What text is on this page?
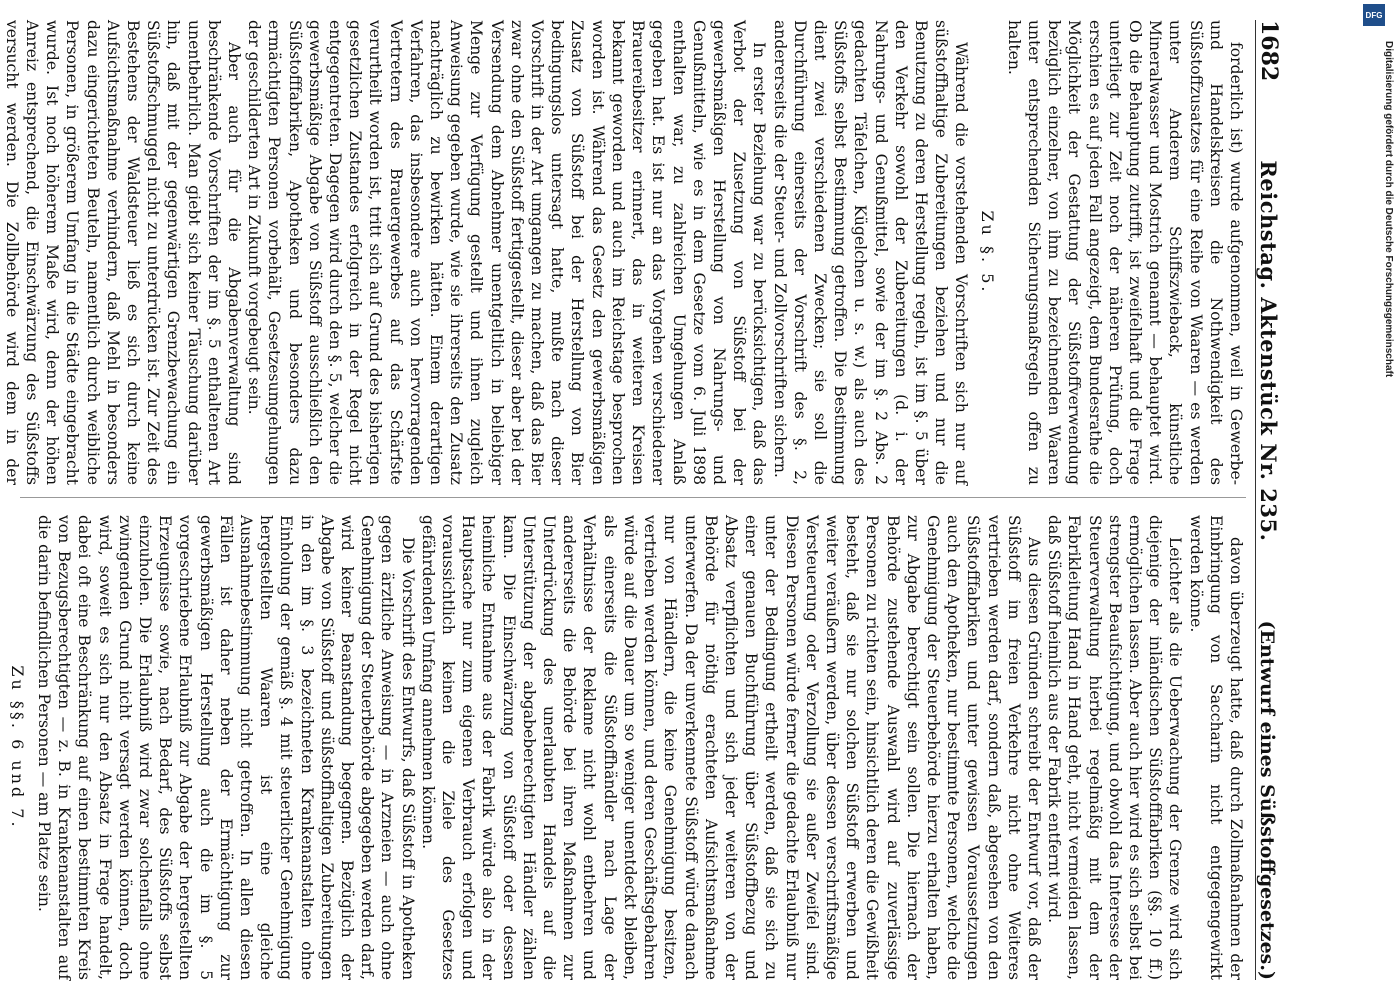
1682
Reichstag. Aktenstück Nr. 235.
(Entwurf eines Süßstoffgesetzes.)

forderlich ist) wurde aufgenommen, weil in Gewerbe- und Handelskreisen die Nothwendigkeit des Süßstoffzusatzes für eine Reihe von Waaren — es werden unter Anderem Schiffszwieback, künstliche Mineralwasser und Mostrich genannt — behauptet wird. Ob die Behauptung zutrifft, ist zweifelhaft und die Frage unterliegt zur Zeit noch der näheren Prüfung, doch erschien es auf jeden Fall angezeigt, dem Bundesrathe die Möglichkeit der Gestattung der Süßstoffverwendung bezüglich einzelner, von ihm zu bezeichnenden Waaren unter entsprechenden Sicherungsmaßregeln offen zu halten.

Zu §. 5.

Während die vorstehenden Vorschriften sich nur auf süßstoffhaltige Zubereitungen beziehen und nur die Benutzung zu deren Herstellung regeln, ist im §. 5 über den Verkehr sowohl der Zubereitungen (d. i. der Nahrungs- und Genußmittel, sowie der im §. 2 Abs. 2 gedachten Täfelchen, Kügelchen u. s. w.) als auch des Süßstoffs selbst Bestimmung getroffen. Die Bestimmung dient zwei verschiedenen Zwecken; sie soll die Durchführung einerseits der Vorschrift des §. 2, andererseits die der Steuer- und Zollvorschriften sichern.

In erster Beziehung war zu berücksichtigen, daß das Verbot der Zusetzung von Süßstoff bei der gewerbsmäßigen Herstellung von Nahrungs- und Genußmitteln, wie es in dem Gesetze vom 6. Juli 1898 enthalten war, zu zahlreichen Umgehungen Anlaß gegeben hat. Es ist nur an das Vorgehen verschiedener Brauereibesitzer erinnert, das in weiteren Kreisen bekannt geworden und auch im Reichstage besprochen worden ist. Während das Gesetz den gewerbsmäßigen Zusatz von Süßstoff bei der Herstellung von Bier bedingungslos untersagt hatte, mußte nach dieser Vorschrift in der Art umgangen zu machen, daß das Bier zwar ohne den Süßstoff fertiggestellt, dieser aber bei der Versendung dem Abnehmer unentgeltlich in beliebiger Menge zur Verfügung gestellt und ihnen zugleich Anweisung gegeben wurde, wie sie ihrerseits den Zusatz nachträglich zu bewirken hätten. Einem derartigen Verfahren, das insbesondere auch von hervorragenden Vertretern des Brauergewerbes auf das Schärfste verurtheilt worden ist, tritt sich auf Grund des bisherigen gesetzlichen Zustandes erfolgreich in der Regel nicht entgegentreten. Dagegen wird durch den §. 5, welcher die gewerbsmäßige Abgabe von Süßstoff ausschließlich den Süßstofffabriken, Apotheken und besonders dazu ermächtigten Personen vorbehält, Gesetzesumgehungen der geschilderten Art in Zukunft vorgebeugt sein.

Aber auch für die Abgabenverwaltung sind beschränkende Vorschriften der im §. 5 enthaltenen Art unentbehrlich. Man giebt sich keiner Täuschung darüber hin, daß mit der gegenwärtigen Grenzbewachung ein Süßstoffschmuggel nicht zu unterdrücken ist. Zur Zeit des Bestehens der Waldsteuer ließ es sich durch keine Aufsichtsmaßnahme verhindern, daß Mehl in besonders dazu eingerichteten Beuteln, namentlich durch weibliche Personen, in größerem Umfang in die Städte eingebracht wurde. Ist noch höherem Maße wird, denn der höhen Anreiz entsprechend, die Einschwärzung des Süßstoffs versucht werden. Die Zollbehörde wird dem in der

davon überzeugt hatte, daß durch Zollmaßnahmen der Einbringung von Saccharin nicht entgegengewirkt werden könne.

Leichter als die Ueberwachung der Grenze wird sich diejenige der inländischen Süßstofffabriken (§§. 10 ff.) ermöglichen lassen. Aber auch hier wird es sich selbst bei strengster Beaufsichtigung, und obwohl das Interesse der Steuerverwaltung hierbei regelmäßig mit dem der Fabrikleitung Hand in Hand geht, nicht vermeiden lassen, daß Süßstoff heimlich aus der Fabrik entfernt wird.

Aus diesen Gründen schreibt der Entwurf vor, daß der Süßstoff im freien Verkehre nicht ohne Weiteres vertrieben werden darf, sondern daß, abgesehen von den Süßstofffabriken und unter gewissen Voraussetzungen auch den Apotheken, nur bestimmte Personen, welche die Genehmigung der Steuerbehörde hierzu erhalten haben, zur Abgabe berechtigt sein sollen. Die hiernach der Behörde zustehende Auswahl wird auf zuverlässige Personen zu richten sein, hinsichtlich deren die Gewißheit besteht, daß sie nur solchen Süßstoff erwerben und weiter veräußern werden, über dessen verschriftsmäßige Versteuerung oder Verzollung sie außer Zweifel sind. Diesen Personen würde ferner die gedachte Erlaubniß nur unter der Bedingung ertheilt werden, daß sie sich zu einer genauen Buchführung über Süßstoffbezug und Absatz verpflichten und sich jeder weiteren von der Behörde für nöthig erachteten Aufsichtsmaßnahme unterwerfen. Da der unverkennete Süßstoff würde danach nur von Händlern, die keine Genehmigung besitzen, vertrieben werden können, und deren Geschäftsgebahren würde auf die Dauer um so weniger unentdeckt bleiben, als einerseits die Süßstoffhändler nach Lage der Verhältnisse der Reklame nicht wohl entbehren und andererseits die Behörde bei ihren Maßnahmen zur Unterdrückung des unerlaubten Handels auf die Unterstützung der abgabeberechtigten Händler zählen kann. Die Einschwärzung von Süßstoff oder dessen heimliche Entnahme aus der Fabrik würde also in der Hauptsache nur zum eigenen Verbrauch erfolgen und voraussichtlich keinen die Ziele des Gesetzes gefährdenden Umfang annehmen können.

Die Vorschrift des Entwurfs, daß Süßstoff in Apotheken gegen ärztliche Anweisung — in Arzneien — auch ohne Genehmigung der Steuerbehörde abgegeben werden darf, wird keiner Beanstandung begegnen. Bezüglich der Abgabe von Süßstoff und süßstoffhaltigen Zubereitungen in den im §. 3 bezeichneten Krankenanstalten ohne Einholung der gemäß §. 4 mit steuerlicher Genehmigung hergestellten Waaren ist eine gleiche Ausnahmebestimmung nicht getroffen. In allen diesen Fällen ist daher neben der Ermächtigung zur gewerbsmäßigen Herstellung auch die im §. 5 vorgeschriebene Erlaubniß zur Abgabe der hergestellten Erzeugnisse sowie, nach Bedarf, des Süßstoffs selbst einzuholen. Die Erlaubniß wird zwar solchenfalls ohne zwingenden Grund nicht versagt werden können, doch wird, soweit es sich nur den Absatz in Frage handelt, dabei oft eine Beschränkung auf einen bestimmten Kreis von Bezugsberechtigten — z. B. in Krankenanstalten auf die darin befindlichen Personen — am Platze sein.

Zu §§. 6 und 7.

DFG
Digitalisierung gefördert durch die Deutsche Forschungsgemeinschaft
